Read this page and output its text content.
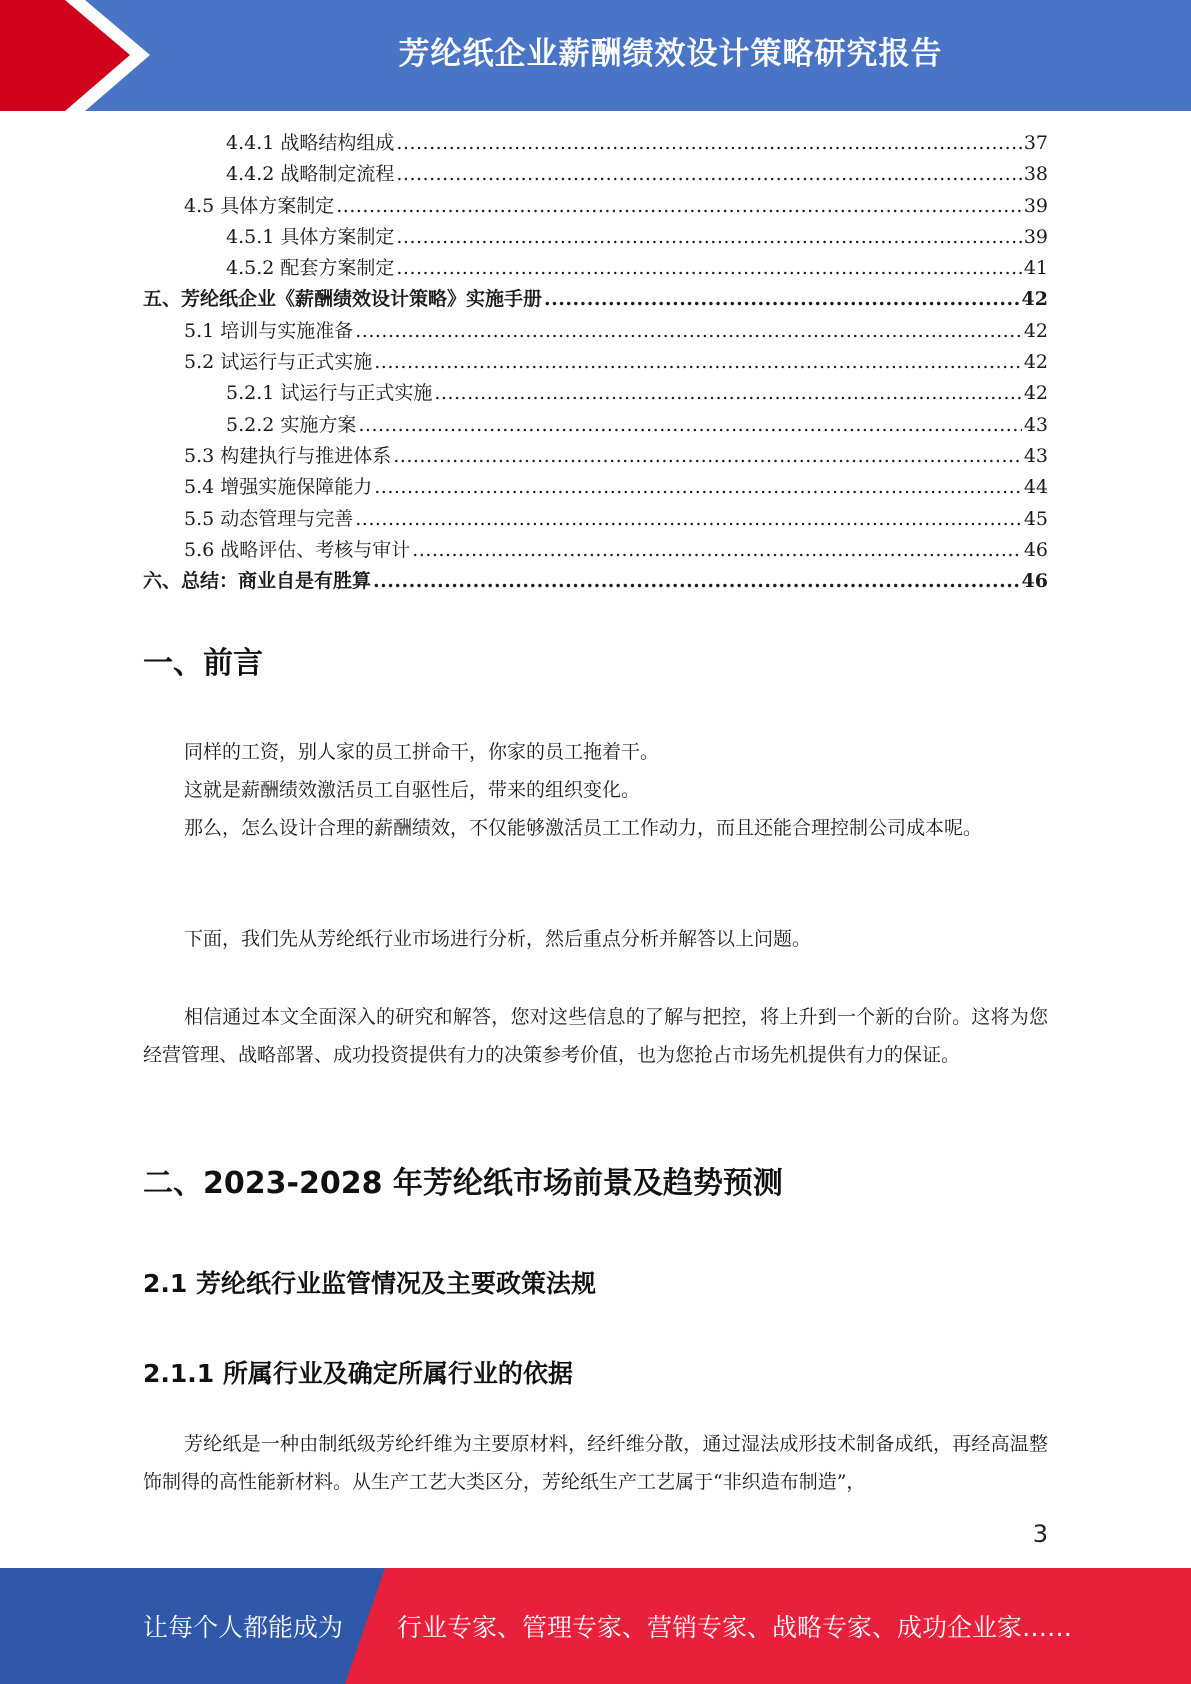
芳纶纸企业薪酬绩效设计策略研究报告
4.4.1 战略结构组成 .....	37
4.4.2 战略制定流程 .....	38
4.5 具体方案制定 .....	39
4.5.1 具体方案制定 .....	39
4.5.2 配套方案制定 .....	41
五、芳纶纸企业《薪酬绩效设计策略》实施手册 .....	42
5.1 培训与实施准备 .....	42
5.2 试运行与正式实施 .....	42
5.2.1 试运行与正式实施 .....	42
5.2.2 实施方案 .....	43
5.3 构建执行与推进体系 .....	43
5.4 增强实施保障能力 .....	44
5.5 动态管理与完善 .....	45
5.6 战略评估、考核与审计 .....	46
六、总结：商业自是有胜算 .....	46
一、前言

同样的工资，别人家的员工拼命干，你家的员工拖着干。

这就是薪酬绩效激活员工自驱性后，带来的组织变化。

那么，怎么设计合理的薪酬绩效，不仅能够激活员工工作动力，而且还能合理控制公司成本呢。

下面，我们先从芳纶纸行业市场进行分析，然后重点分析并解答以上问题。

相信通过本文全面深入的研究和解答，您对这些信息的了解与把控，将上升到一个新的台阶。这将为您经营管理、战略部署、成功投资提供有力的决策参考价值，也为您抢占市场先机提供有力的保证。

二、2023-2028 年芳纶纸市场前景及趋势预测
2.1 芳纶纸行业监管情况及主要政策法规
2.1.1 所属行业及确定所属行业的依据

芳纶纸是一种由制纸级芳纶纤维为主要原材料，经纤维分散，通过湿法成形技术制备成纸，再经高温整饰制得的高性能新材料。从生产工艺大类区分，芳纶纸生产工艺属于“非织造布制造”，

3
让每个人都能成为 行业专家、管理专家、营销专家、战略专家、成功企业家……
